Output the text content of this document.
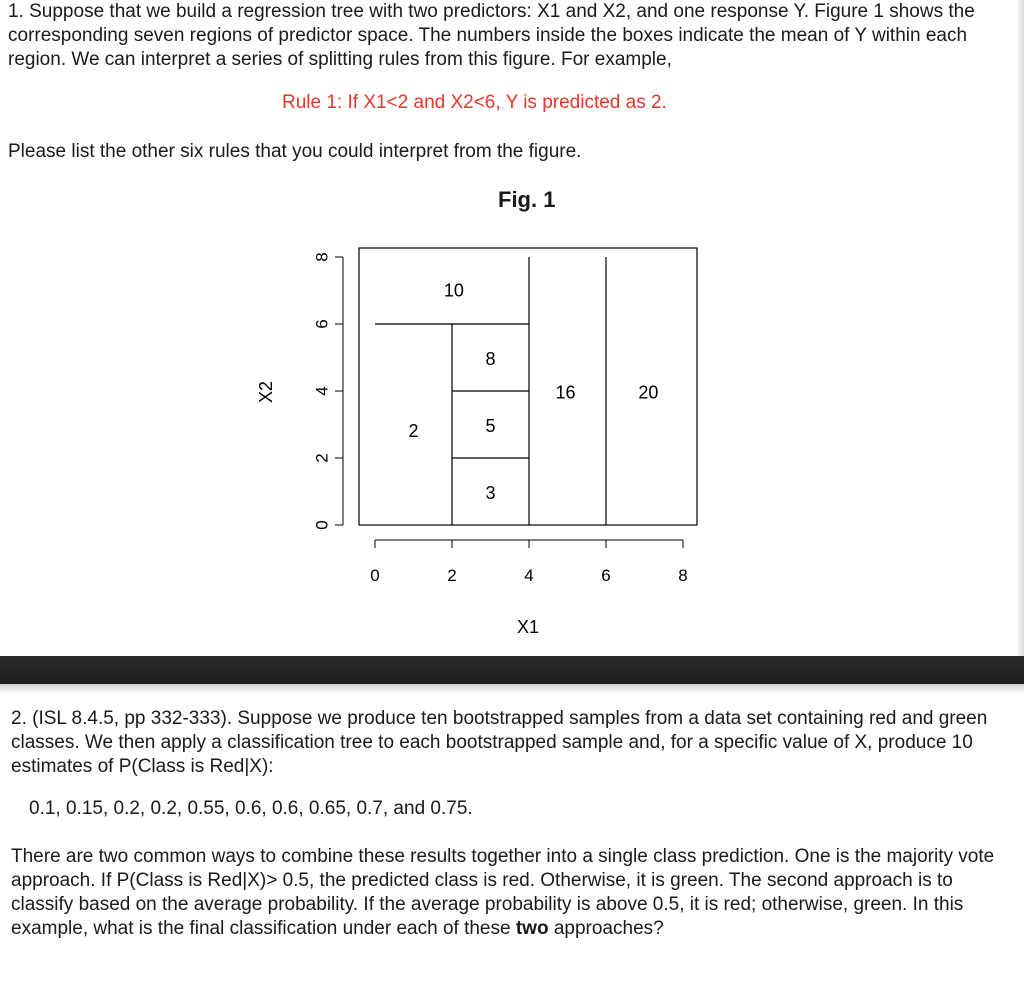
1. Suppose that we build a regression tree with two predictors: X1 and X2, and one response Y. Figure 1 shows the corresponding seven regions of predictor space. The numbers inside the boxes indicate the mean of Y within each region. We can interpret a series of splitting rules from this figure. For example,

Rule 1: If X1<2 and X2<6, Y is predicted as 2.
Please list the other six rules that you could interpret from the figure.
Fig. 1
0	2	4	6	8
0
2
4
6
8
2
10
8
5
3
16	20
X1
X2

2. (ISL 8.4.5, pp 332-333). Suppose we produce ten bootstrapped samples from a data set containing red and green classes. We then apply a classification tree to each bootstrapped sample and, for a specific value of X, produce 10 estimates of P(Class is Red|X):

0.1, 0.15, 0.2, 0.2, 0.55, 0.6, 0.6, 0.65, 0.7, and 0.75.

There are two common ways to combine these results together into a single class prediction. One is the majority vote approach. If P(Class is Red|X)> 0.5, the predicted class is red. Otherwise, it is green. The second approach is to classify based on the average probability. If the average probability is above 0.5, it is red; otherwise, green. In this example, what is the final classification under each of these two approaches?
